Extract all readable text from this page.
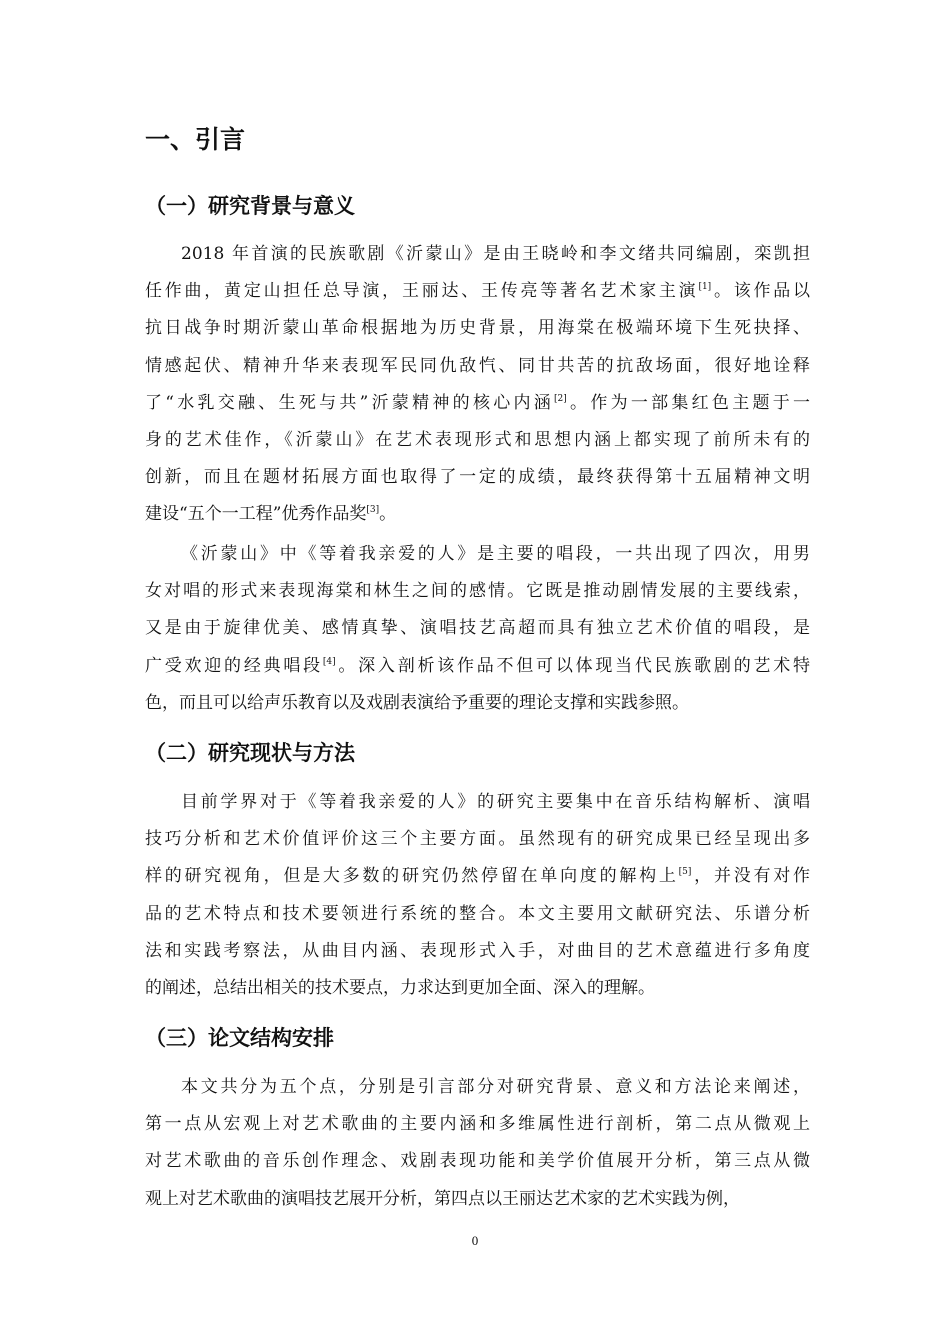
一、引言
（一）研究背景与意义
2018 年首演的民族歌剧《沂蒙山》是由王晓岭和李文绪共同编剧，栾凯担
任作曲，黄定山担任总导演，王丽达、王传亮等著名艺术家主演[1]。该作品以
抗日战争时期沂蒙山革命根据地为历史背景，用海棠在极端环境下生死抉择、
情感起伏、精神升华来表现军民同仇敌忾、同甘共苦的抗敌场面，很好地诠释
了“水乳交融、生死与共”沂蒙精神的核心内涵[2]。作为一部集红色主题于一
身的艺术佳作，《沂蒙山》在艺术表现形式和思想内涵上都实现了前所未有的
创新，而且在题材拓展方面也取得了一定的成绩，最终获得第十五届精神文明
建设“五个一工程”优秀作品奖[3]。
《沂蒙山》中《等着我亲爱的人》是主要的唱段，一共出现了四次，用男
女对唱的形式来表现海棠和林生之间的感情。它既是推动剧情发展的主要线索，
又是由于旋律优美、感情真挚、演唱技艺高超而具有独立艺术价值的唱段，是
广受欢迎的经典唱段[4]。深入剖析该作品不但可以体现当代民族歌剧的艺术特
色，而且可以给声乐教育以及戏剧表演给予重要的理论支撑和实践参照。
（二）研究现状与方法
目前学界对于《等着我亲爱的人》的研究主要集中在音乐结构解析、演唱
技巧分析和艺术价值评价这三个主要方面。虽然现有的研究成果已经呈现出多
样的研究视角，但是大多数的研究仍然停留在单向度的解构上[5]，并没有对作
品的艺术特点和技术要领进行系统的整合。本文主要用文献研究法、乐谱分析
法和实践考察法，从曲目内涵、表现形式入手，对曲目的艺术意蕴进行多角度
的阐述，总结出相关的技术要点，力求达到更加全面、深入的理解。
（三）论文结构安排
本文共分为五个点，分别是引言部分对研究背景、意义和方法论来阐述，
第一点从宏观上对艺术歌曲的主要内涵和多维属性进行剖析，第二点从微观上
对艺术歌曲的音乐创作理念、戏剧表现功能和美学价值展开分析，第三点从微
观上对艺术歌曲的演唱技艺展开分析，第四点以王丽达艺术家的艺术实践为例，
0
